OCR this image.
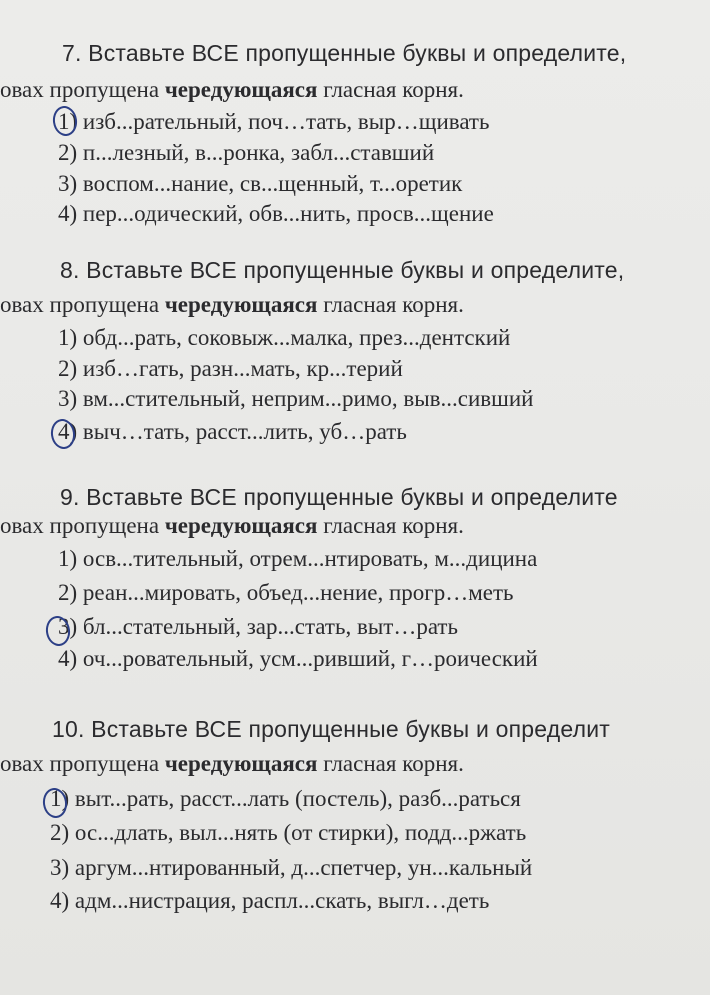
7. Вставьте ВСЕ пропущенные буквы и определите,
овах пропущена чередующаяся гласная корня.
1) изб...рательный, поч…тать, выр…щивать
2) п...лезный, в...ронка, забл...ставший
3) воспом...нание, св...щенный, т...оретик
4) пер...одический, обв...нить, просв...щение
8. Вставьте ВСЕ пропущенные буквы и определите,
овах пропущена чередующаяся гласная корня.
1) обд...рать, соковыж...малка, през...дентский
2) изб…гать, разн...мать, кр...терий
3) вм...стительный, неприм...римо, выв...сивший
4) выч…тать, расст...лить, уб…рать
9. Вставьте ВСЕ пропущенные буквы и определите
овах пропущена чередующаяся гласная корня.
1) осв...тительный, отрем...нтировать, м...дицина
2) реан...мировать, объед...нение, прогр…меть
3) бл...стательный, зар...стать, выт…рать
4) оч...ровательный, усм...ривший, г…роический
10. Вставьте ВСЕ пропущенные буквы и определит
овах пропущена чередующаяся гласная корня.
1) выт...рать, расст...лать (постель), разб...раться
2) ос...длать, выл...нять (от стирки), подд...ржать
3) аргум...нтированный, д...спетчер, ун...кальный
4) адм...нистрация, распл...скать, выгл…деть
